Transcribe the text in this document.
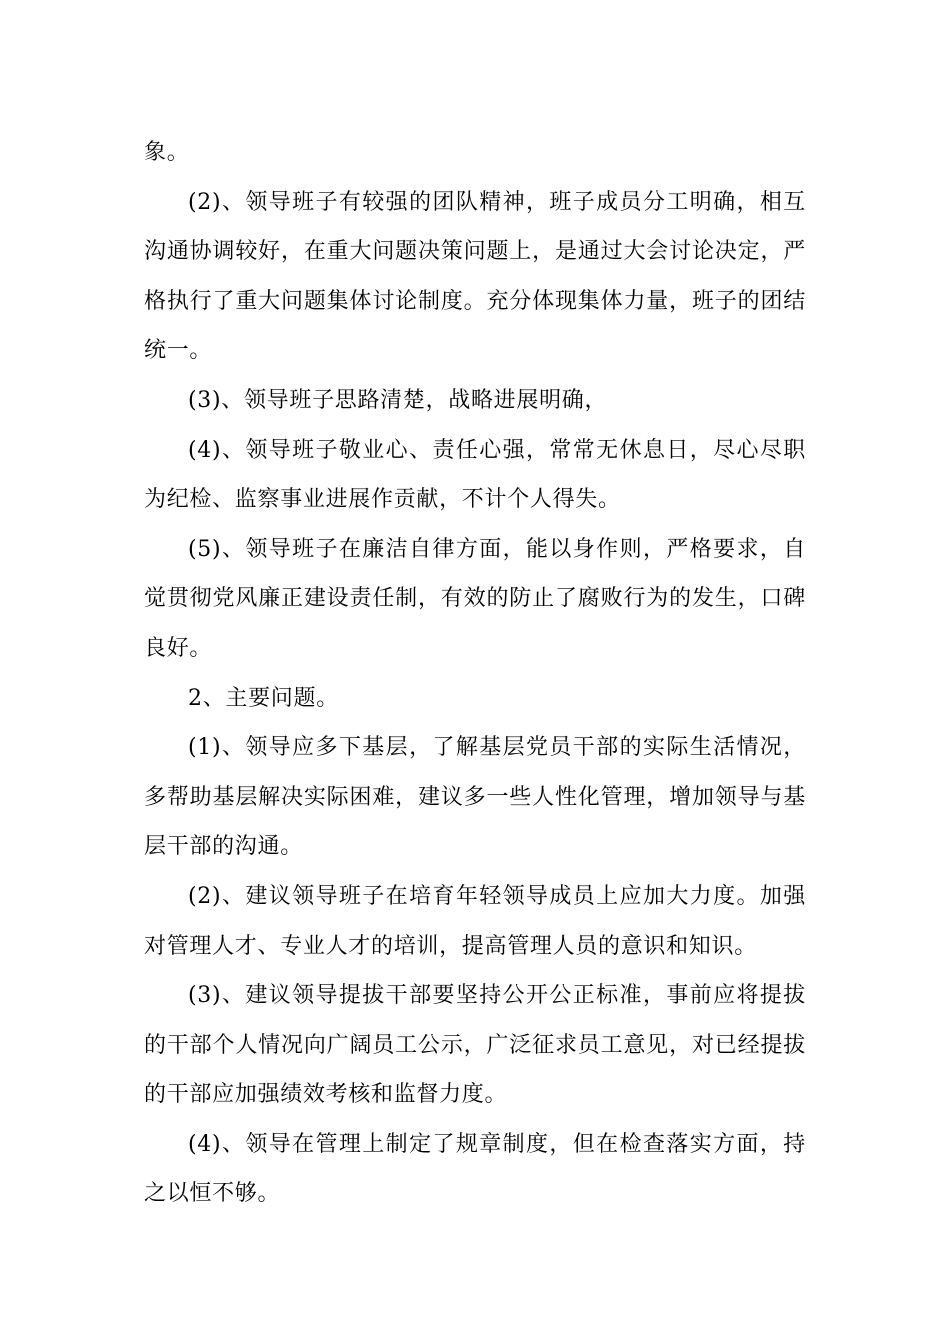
象。

(2)、领导班子有较强的团队精神，班子成员分工明确，相互沟通协调较好，在重大问题决策问题上，是通过大会讨论决定，严格执行了重大问题集体讨论制度。充分体现集体力量，班子的团结统一。

(3)、领导班子思路清楚，战略进展明确，

(4)、领导班子敬业心、责任心强，常常无休息日，尽心尽职为纪检、监察事业进展作贡献，不计个人得失。

(5)、领导班子在廉洁自律方面，能以身作则，严格要求，自觉贯彻党风廉正建设责任制，有效的防止了腐败行为的发生，口碑良好。

2、主要问题。

(1)、领导应多下基层，了解基层党员干部的实际生活情况，多帮助基层解决实际困难，建议多一些人性化管理，增加领导与基层干部的沟通。

(2)、建议领导班子在培育年轻领导成员上应加大力度。加强对管理人才、专业人才的培训，提高管理人员的意识和知识。

(3)、建议领导提拔干部要坚持公开公正标准，事前应将提拔的干部个人情况向广阔员工公示，广泛征求员工意见，对已经提拔的干部应加强绩效考核和监督力度。

(4)、领导在管理上制定了规章制度，但在检查落实方面，持之以恒不够。
